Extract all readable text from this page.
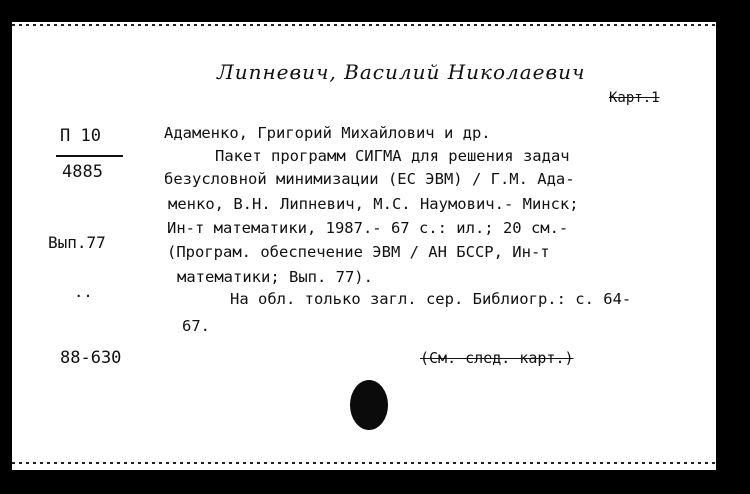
Липневич, Василий Николаевич
Карт.1
П 10
4885
Вып.77
..
88-630
Адаменко, Григорий Михайлович и др.
Пакет программ СИГМА для решения задач
безусловной минимизации (ЕС ЭВМ) / Г.М. Ада-
менко, В.Н. Липневич, М.С. Наумович.- Минск;
Ин-т математики, 1987.- 67 с.: ил.; 20 см.-
(Програм. обеспечение ЭВМ / АН БССР, Ин-т
математики; Вып. 77).
На обл. только загл. сер. Библиогр.: с. 64-
67.
(См. след. карт.)
